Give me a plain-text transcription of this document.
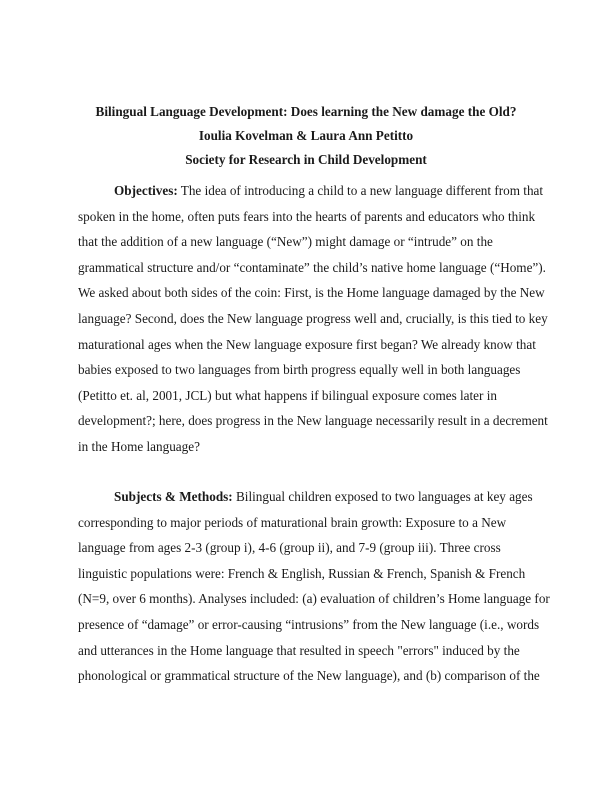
Bilingual Language Development: Does learning the New damage the Old?
Ioulia Kovelman & Laura Ann Petitto
Society for Research in Child Development
Objectives: The idea of introducing a child to a new language different from that
spoken in the home, often puts fears into the hearts of parents and educators who think
that the addition of a new language (“New”) might damage or “intrude” on the
grammatical structure and/or “contaminate” the child’s native home language (“Home”).
We asked about both sides of the coin: First, is the Home language damaged by the New
language? Second, does the New language progress well and, crucially, is this tied to key
maturational ages when the New language exposure first began? We already know that
babies exposed to two languages from birth progress equally well in both languages
(Petitto et. al, 2001, JCL) but what happens if bilingual exposure comes later in
development?; here, does progress in the New language necessarily result in a decrement
in the Home language?
Subjects & Methods: Bilingual children exposed to two languages at key ages
corresponding to major periods of maturational brain growth: Exposure to a New
language from ages 2-3 (group i), 4-6 (group ii), and 7-9 (group iii). Three cross
linguistic populations were: French & English, Russian & French, Spanish & French
(N=9, over 6 months). Analyses included: (a) evaluation of children’s Home language for
presence of “damage” or error-causing “intrusions” from the New language (i.e., words
and utterances in the Home language that resulted in speech "errors" induced by the
phonological or grammatical structure of the New language), and (b) comparison of the
